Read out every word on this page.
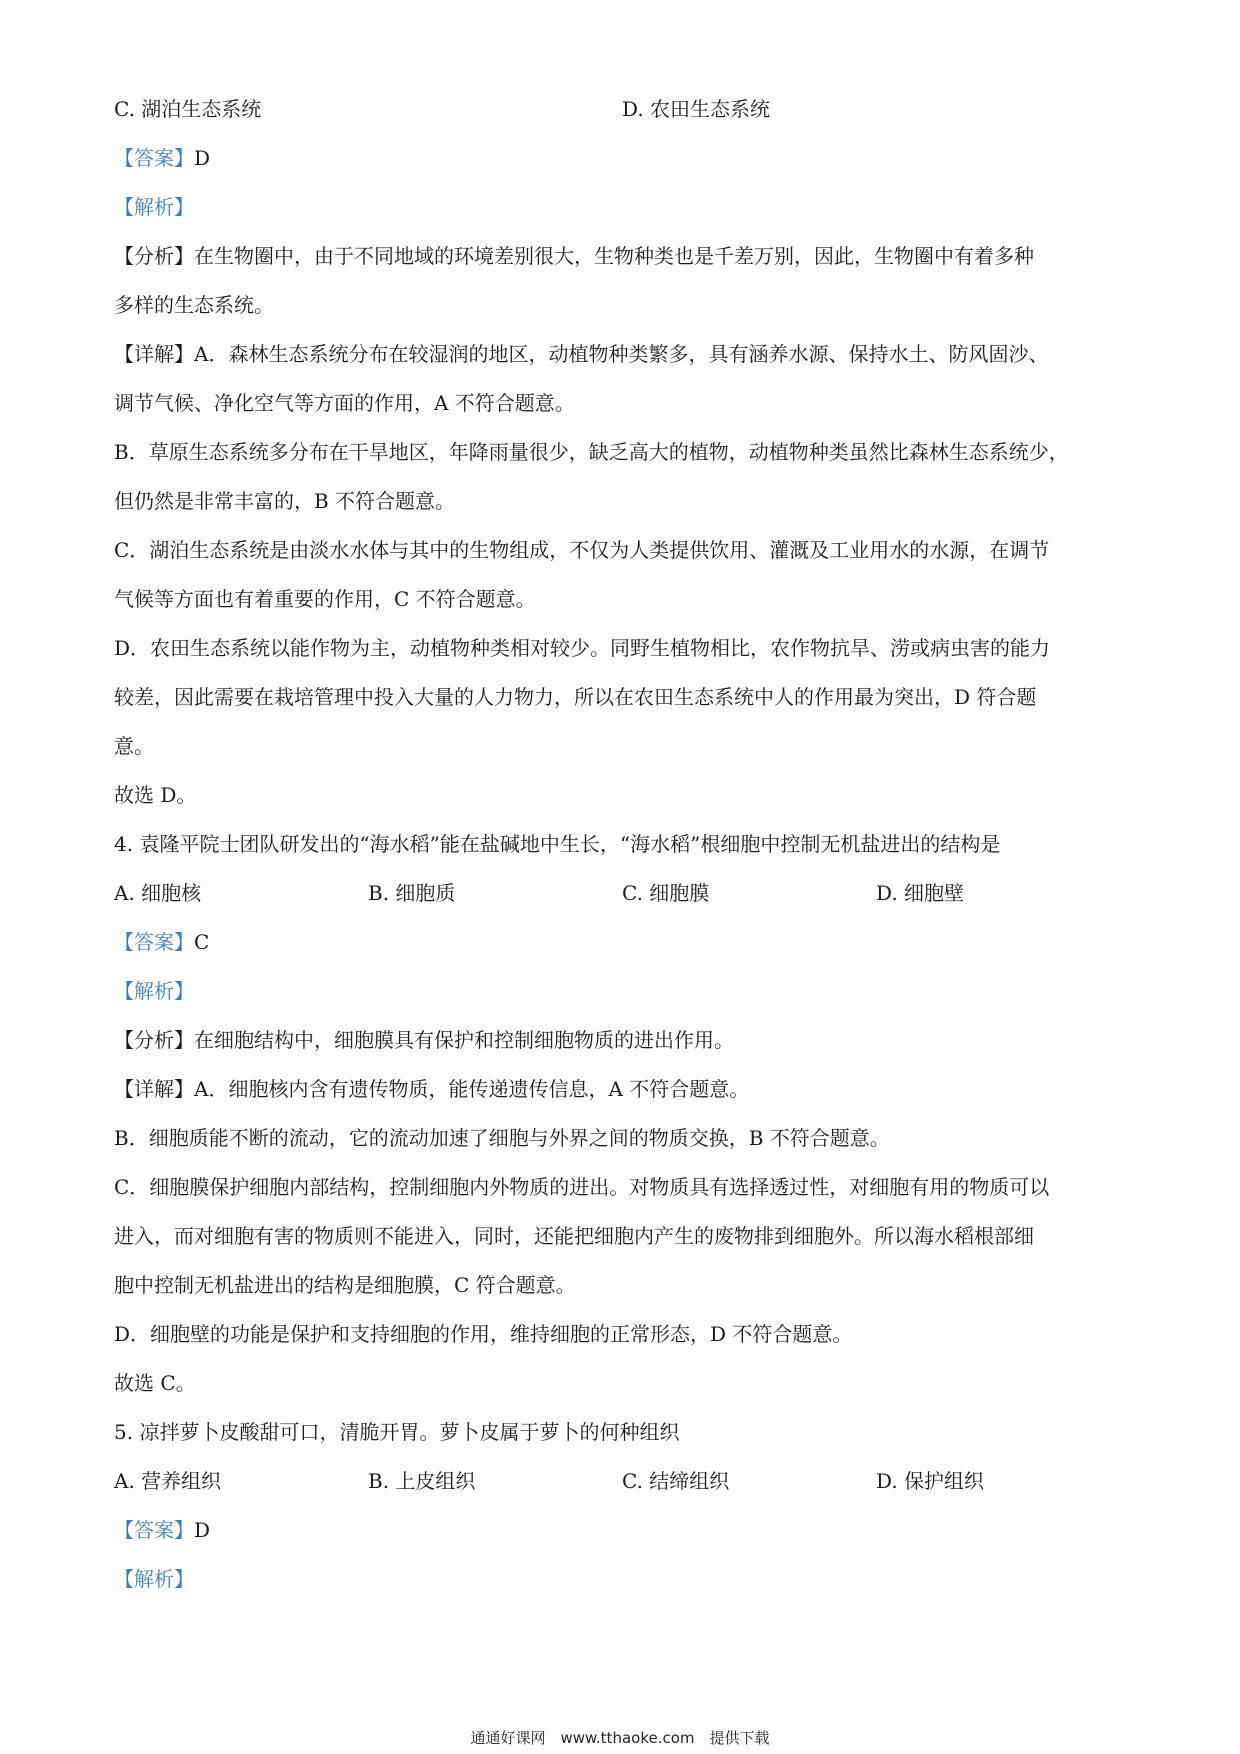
C. 湖泊生态系统	D. 农田生态系统
【答案】D
【解析】
【分析】在生物圈中，由于不同地域的环境差别很大，生物种类也是千差万别，因此，生物圈中有着多种
多样的生态系统。
【详解】A．森林生态系统分布在较湿润的地区，动植物种类繁多，具有涵养水源、保持水土、防风固沙、
调节气候、净化空气等方面的作用，A 不符合题意。
B．草原生态系统多分布在干旱地区，年降雨量很少，缺乏高大的植物，动植物种类虽然比森林生态系统少，
但仍然是非常丰富的，B 不符合题意。
C．湖泊生态系统是由淡水水体与其中的生物组成，不仅为人类提供饮用、灌溉及工业用水的水源，在调节
气候等方面也有着重要的作用，C 不符合题意。
D．农田生态系统以能作物为主，动植物种类相对较少。同野生植物相比，农作物抗旱、涝或病虫害的能力
较差，因此需要在栽培管理中投入大量的人力物力，所以在农田生态系统中人的作用最为突出，D 符合题
意。
故选 D。
4. 袁隆平院士团队研发出的“海水稻”能在盐碱地中生长，“海水稻”根细胞中控制无机盐进出的结构是
A. 细胞核	B. 细胞质	C. 细胞膜	D. 细胞壁
【答案】C
【解析】
【分析】在细胞结构中，细胞膜具有保护和控制细胞物质的进出作用。
【详解】A．细胞核内含有遗传物质，能传递遗传信息，A 不符合题意。
B．细胞质能不断的流动，它的流动加速了细胞与外界之间的物质交换，B 不符合题意。
C．细胞膜保护细胞内部结构，控制细胞内外物质的进出。对物质具有选择透过性，对细胞有用的物质可以
进入，而对细胞有害的物质则不能进入，同时，还能把细胞内产生的废物排到细胞外。所以海水稻根部细
胞中控制无机盐进出的结构是细胞膜，C 符合题意。
D．细胞壁的功能是保护和支持细胞的作用，维持细胞的正常形态，D 不符合题意。
故选 C。
5. 凉拌萝卜皮酸甜可口，清脆开胃。萝卜皮属于萝卜的何种组织
A. 营养组织	B. 上皮组织	C. 结缔组织	D. 保护组织
【答案】D
【解析】
通通好课网　www.tthaoke.com　提供下载
